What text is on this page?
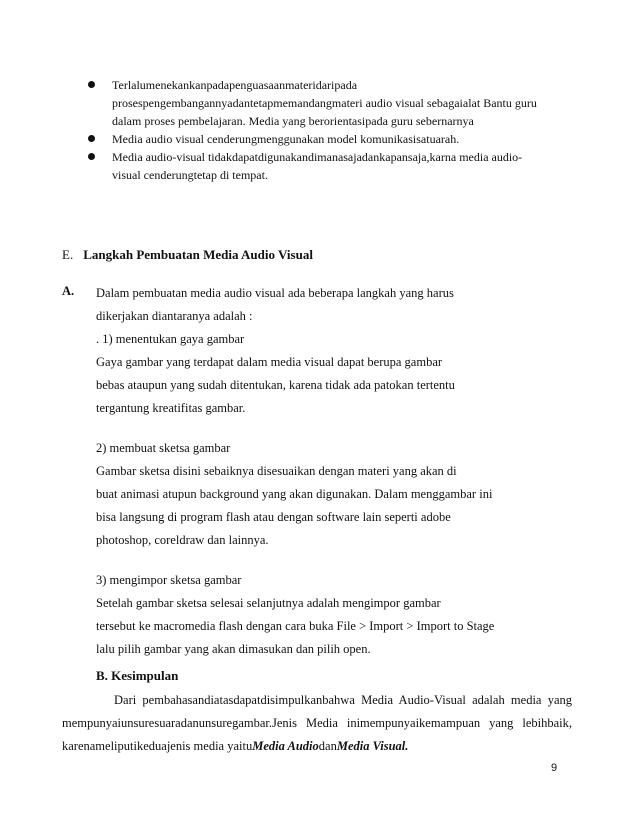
Terlalumenekankanpadapenguasaanmateridaripada
prosespengembangannyadantetapmemandangmateri audio visual sebagaialat Bantu guru
dalam proses pembelajaran. Media yang berorientasipada guru sebernarnya
Media audio visual cenderungmenggunakan model komunikasisatuarah.
Media audio-visual tidakdapatdigunakandimanasajadankapansaja,karna media audio-
visual cenderungtetap di tempat.
E. Langkah Pembuatan Media Audio Visual
A. Dalam pembuatan media audio visual ada beberapa langkah yang harus
dikerjakan diantaranya adalah :
. 1) menentukan gaya gambar
Gaya gambar yang terdapat dalam media visual dapat berupa gambar
bebas ataupun yang sudah ditentukan, karena tidak ada patokan tertentu
tergantung kreatifitas gambar.
2) membuat sketsa gambar
Gambar sketsa disini sebaiknya disesuaikan dengan materi yang akan di
buat animasi atupun background yang akan digunakan. Dalam menggambar ini
bisa langsung di program flash atau dengan software lain seperti adobe
photoshop, coreldraw dan lainnya.
3) mengimpor sketsa gambar
Setelah gambar sketsa selesai selanjutnya adalah mengimpor gambar
tersebut ke macromedia flash dengan cara buka File > Import > Import to Stage
lalu pilih gambar yang akan dimasukan dan pilih open.
B. Kesimpulan
Dari pembahasandiatasdapatdisimpulkanbahwa Media Audio-Visual adalah media yang
mempunyaiunsuresuaradanunsuregambar.Jenis Media inimempunyaikemampuan yang lebihbaik,
karenameliputikeduajenis media yaituMedia AudiodanMedia Visual.
9
